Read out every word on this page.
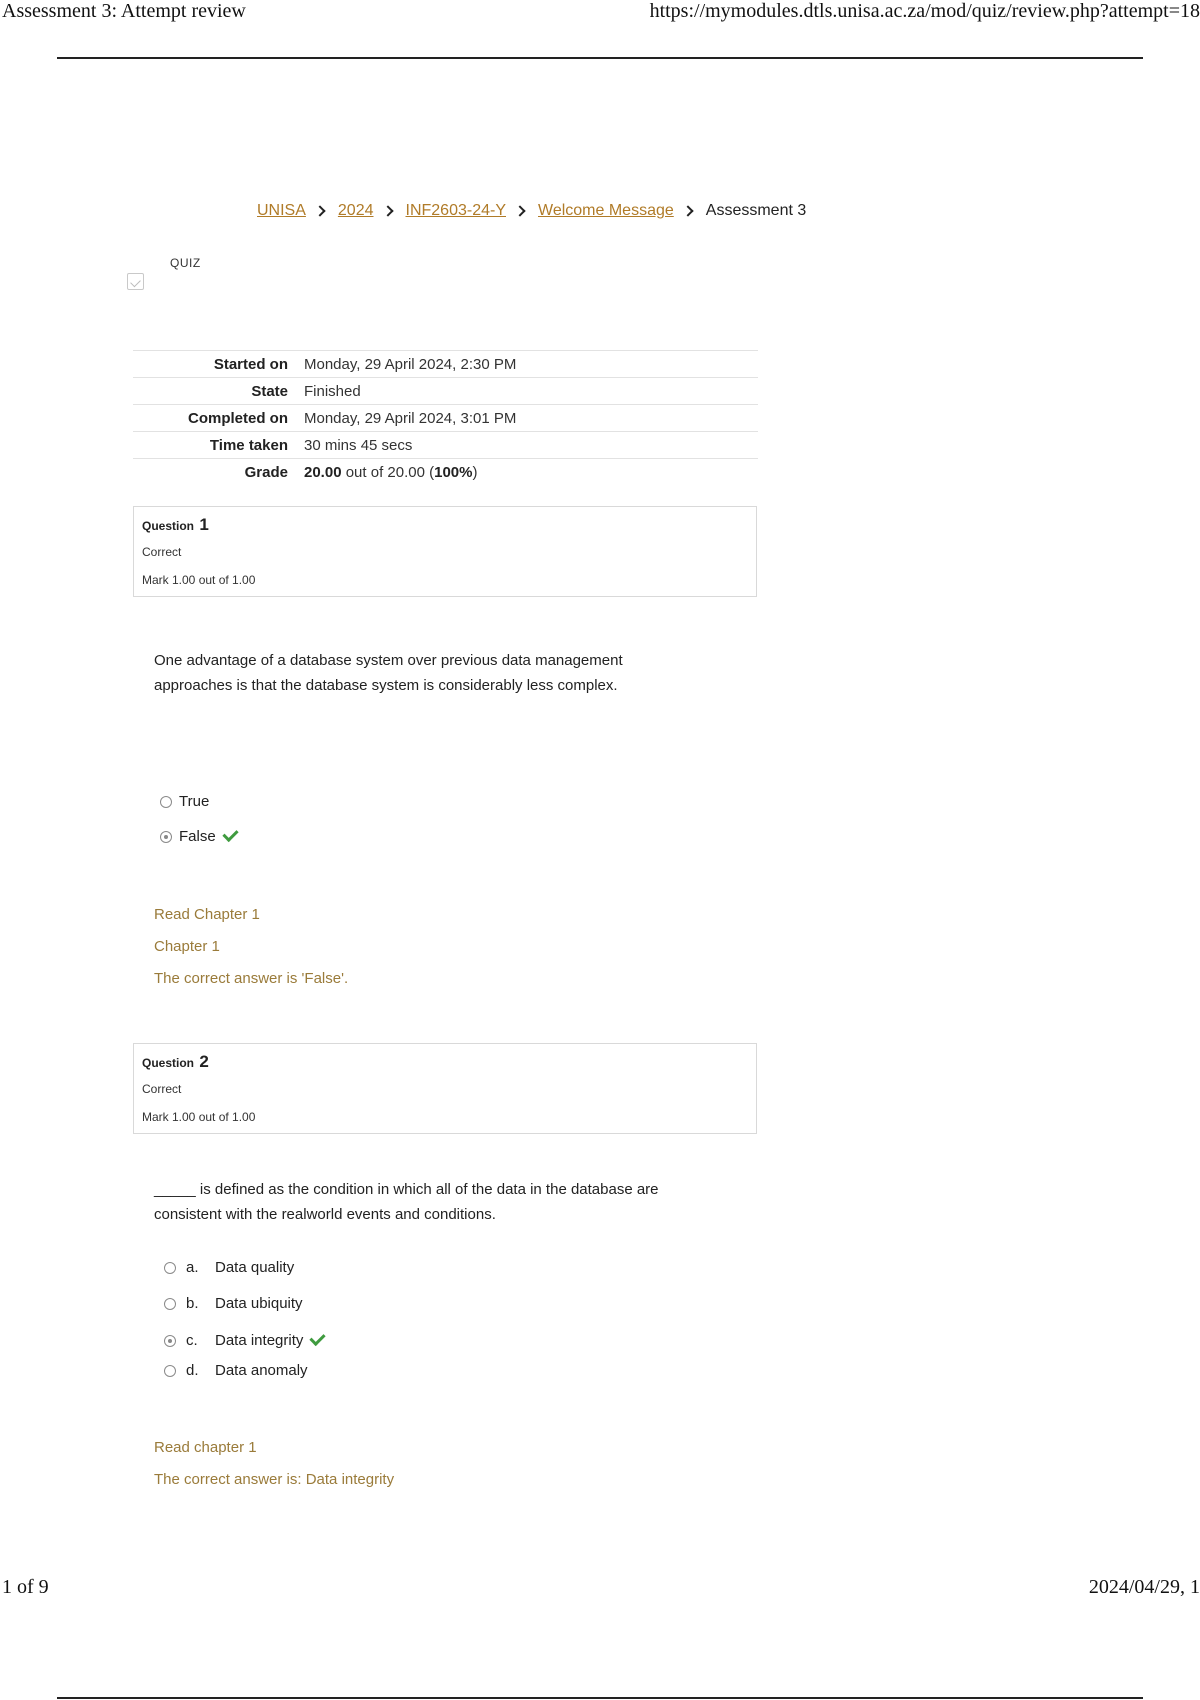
Assessment 3: Attempt review	https://mymodules.dtls.unisa.ac.za/mod/quiz/review.php?attempt=18
UNISA 2024 INF2603-24-Y Welcome Message Assessment 3
QUIZ
Started on	Monday, 29 April 2024, 2:30 PM
State	Finished
Completed on	Monday, 29 April 2024, 3:01 PM
Time taken	30 mins 45 secs
Grade	20.00 out of 20.00 (100%)
Question 1
Correct
Mark 1.00 out of 1.00
One advantage of a database system over previous data management approaches is that the database system is considerably less complex.
True
False
Read Chapter 1
Chapter 1
The correct answer is 'False'.
Question 2
Correct
Mark 1.00 out of 1.00
_____ is defined as the condition in which all of the data in the database are consistent with the realworld events and conditions.
a.	Data quality
b.	Data ubiquity
c.	Data integrity
d.	Data anomaly
Read chapter 1
The correct answer is: Data integrity
1 of 9	2024/04/29, 1
